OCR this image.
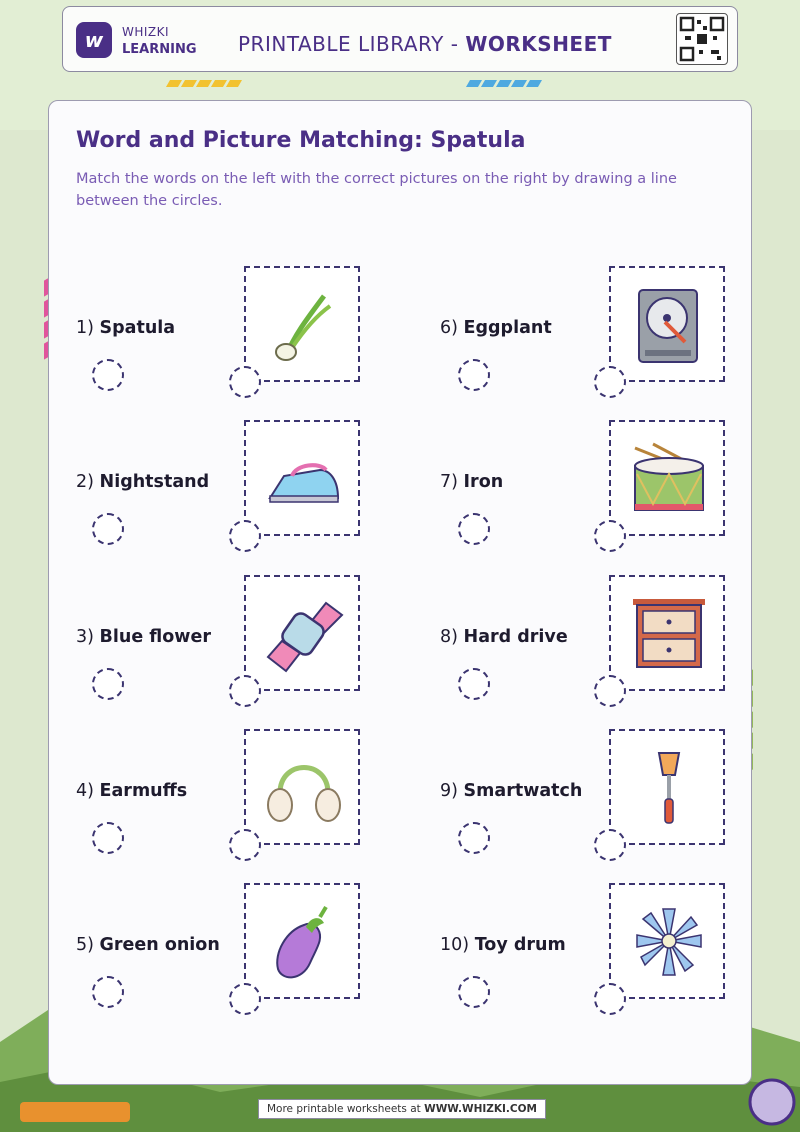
w WHIZKI
LEARNING PRINTABLE LIBRARY - WORKSHEET
Word and Picture Matching: Spatula

Match the words on the left with the correct pictures on the right by drawing a line between the circles.

1) Spatula
2) Nightstand
3) Blue flower
4) Earmuffs
5) Green onion
6) Eggplant
7) Iron
8) Hard drive
9) Smartwatch
10) Toy drum
More printable worksheets at WWW.WHIZKI.COM
